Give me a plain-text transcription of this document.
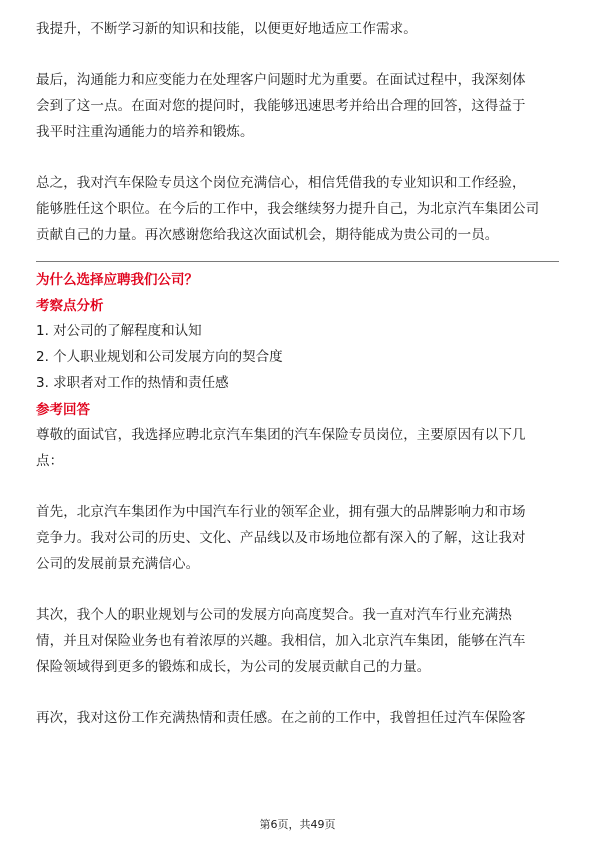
我提升，不断学习新的知识和技能，以便更好地适应工作需求。

最后，沟通能力和应变能力在处理客户问题时尤为重要。在面试过程中，我深刻体
会到了这一点。在面对您的提问时，我能够迅速思考并给出合理的回答，这得益于
我平时注重沟通能力的培养和锻炼。

总之，我对汽车保险专员这个岗位充满信心，相信凭借我的专业知识和工作经验，
能够胜任这个职位。在今后的工作中，我会继续努力提升自己，为北京汽车集团公司
贡献自己的力量。再次感谢您给我这次面试机会，期待能成为贵公司的一员。

为什么选择应聘我们公司？
考察点分析

1. 对公司的了解程度和认知

2. 个人职业规划和公司发展方向的契合度

3. 求职者对工作的热情和责任感

参考回答

尊敬的面试官，我选择应聘北京汽车集团的汽车保险专员岗位，主要原因有以下几
点：

首先，北京汽车集团作为中国汽车行业的领军企业，拥有强大的品牌影响力和市场
竞争力。我对公司的历史、文化、产品线以及市场地位都有深入的了解，这让我对
公司的发展前景充满信心。

其次，我个人的职业规划与公司的发展方向高度契合。我一直对汽车行业充满热
情，并且对保险业务也有着浓厚的兴趣。我相信，加入北京汽车集团，能够在汽车
保险领域得到更多的锻炼和成长，为公司的发展贡献自己的力量。

再次，我对这份工作充满热情和责任感。在之前的工作中，我曾担任过汽车保险客

第6页，共49页
